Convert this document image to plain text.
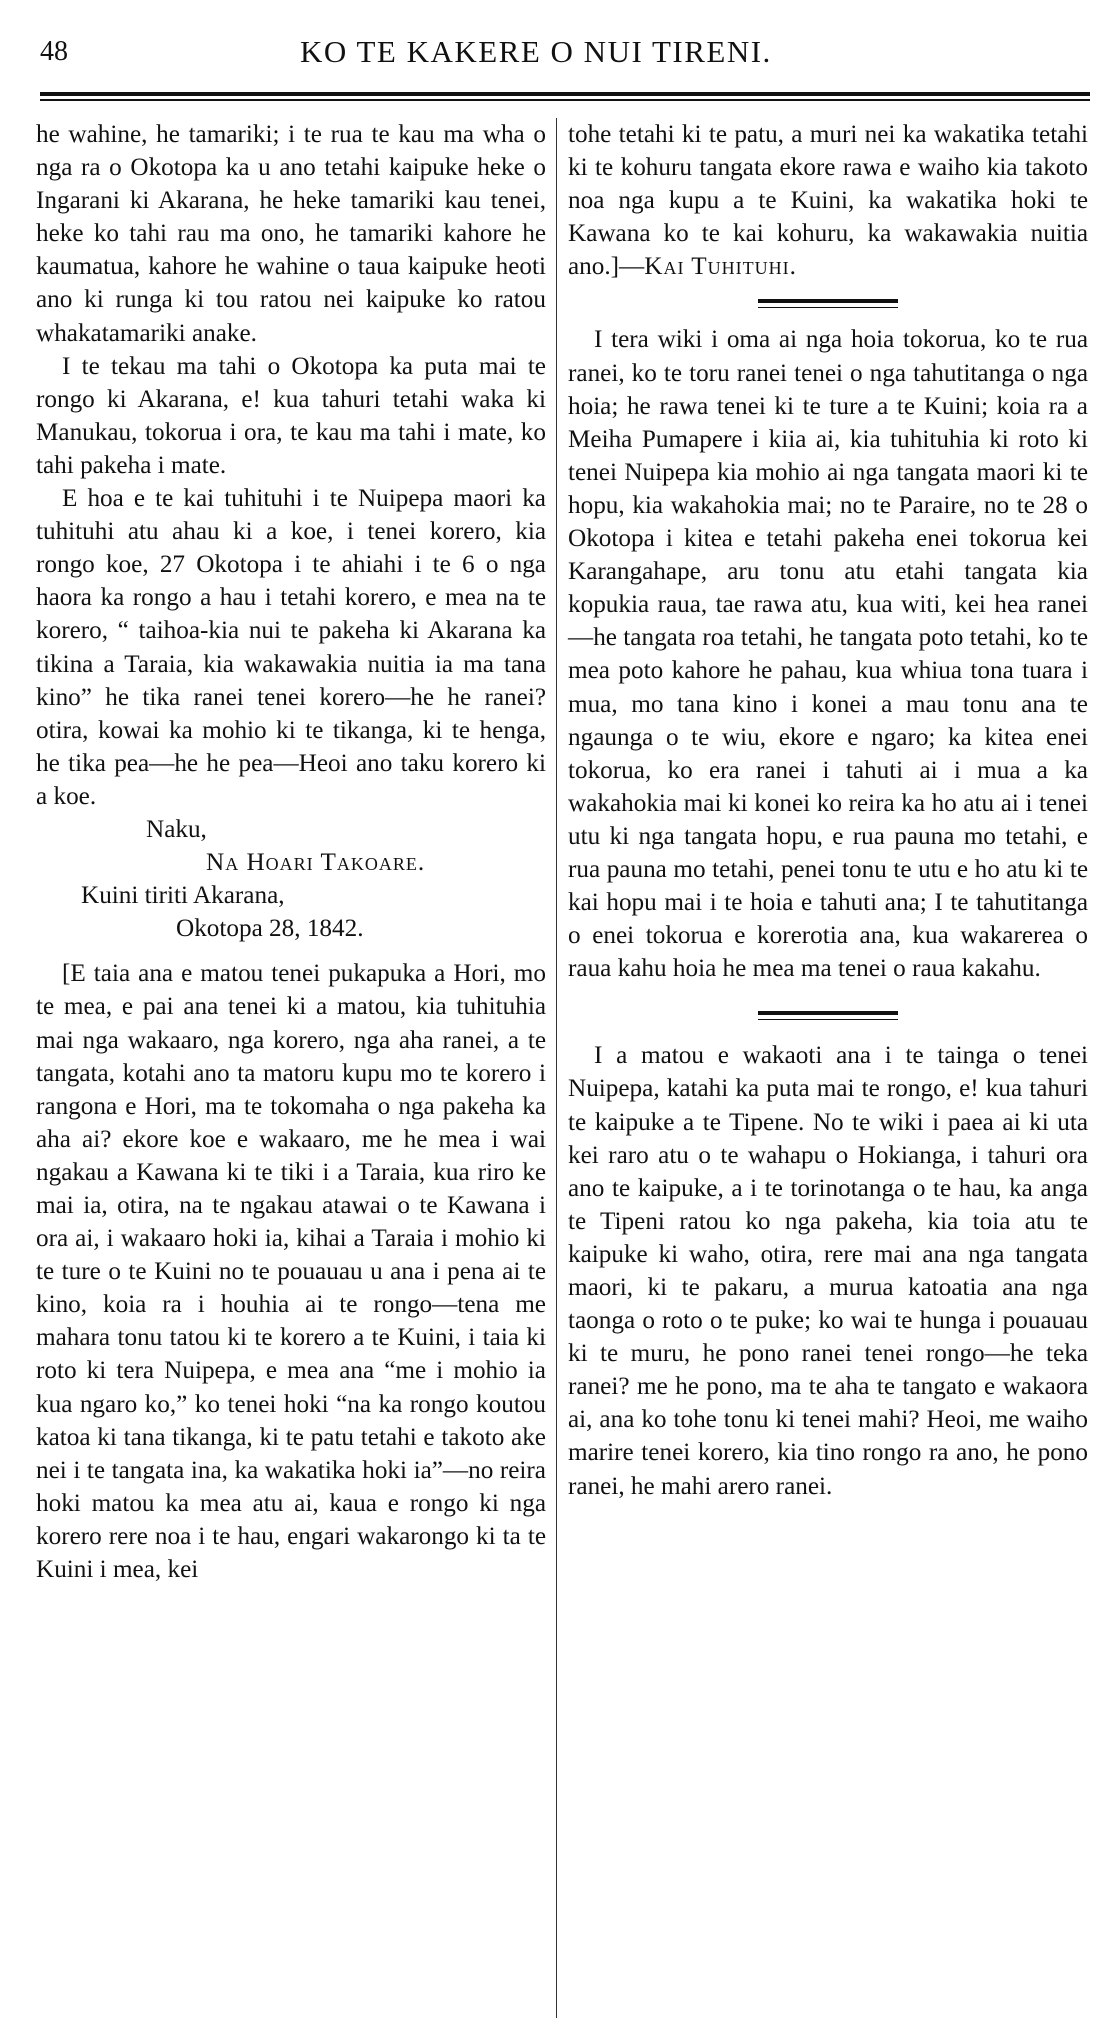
48	KO TE KAKERE O NUI TIRENI.

he wahine, he tamariki; i te rua te kau ma wha o nga ra o Okotopa ka u ano tetahi kaipuke heke o Ingarani ki Akarana, he heke tamariki kau tenei, heke ko tahi rau ma ono, he tamariki kahore he kaumatua, kahore he wahine o taua kaipuke heoti ano ki runga ki tou ratou nei kaipuke ko ratou whakatamariki anake.

I te tekau ma tahi o Okotopa ka puta mai te rongo ki Akarana, e! kua tahuri tetahi waka ki Manukau, tokorua i ora, te kau ma tahi i mate, ko tahi pakeha i mate.

E hoa e te kai tuhituhi i te Nuipepa maori ka tuhituhi atu ahau ki a koe, i tenei korero, kia rongo koe, 27 Okotopa i te ahiahi i te 6 o nga haora ka rongo a hau i tetahi korero, e mea na te korero, “ taihoa-kia nui te pakeha ki Akarana ka tikina a Taraia, kia wakawakia nuitia ia ma tana kino” he tika ranei tenei korero—he he ranei? otira, kowai ka mohio ki te tikanga, ki te henga, he tika pea—he he pea—Heoi ano taku korero ki a koe.

Naku,
Na Hoari Takoare.
Kuini tiriti Akarana,
Okotopa 28, 1842.

[E taia ana e matou tenei pukapuka a Hori, mo te mea, e pai ana tenei ki a matou, kia tuhituhia mai nga wakaaro, nga korero, nga aha ranei, a te tangata, kotahi ano ta matoru kupu mo te korero i rangona e Hori, ma te tokomaha o nga pakeha ka aha ai? ekore koe e wakaaro, me he mea i wai ngakau a Kawana ki te tiki i a Taraia, kua riro ke mai ia, otira, na te ngakau atawai o te Kawana i ora ai, i wakaaro hoki ia, kihai a Taraia i mohio ki te ture o te Kuini no te pouauau u ana i pena ai te kino, koia ra i houhia ai te rongo—tena me mahara tonu tatou ki te korero a te Kuini, i taia ki roto ki tera Nuipepa, e mea ana “me i mohio ia kua ngaro ko,” ko tenei hoki “na ka rongo koutou katoa ki tana tikanga, ki te patu tetahi e takoto ake nei i te tangata ina, ka wakatika hoki ia”—no reira hoki matou ka mea atu ai, kaua e rongo ki nga korero rere noa i te hau, engari wakarongo ki ta te Kuini i mea, kei

tohe tetahi ki te patu, a muri nei ka wakatika tetahi ki te kohuru tangata ekore rawa e waiho kia takoto noa nga kupu a te Kuini, ka wakatika hoki te Kawana ko te kai kohuru, ka wakawakia nuitia ano.]—Kai Tuhituhi.

I tera wiki i oma ai nga hoia tokorua, ko te rua ranei, ko te toru ranei tenei o nga tahutitanga o nga hoia; he rawa tenei ki te ture a te Kuini; koia ra a Meiha Pumapere i kiia ai, kia tuhituhia ki roto ki tenei Nuipepa kia mohio ai nga tangata maori ki te hopu, kia wakahokia mai; no te Paraire, no te 28 o Okotopa i kitea e tetahi pakeha enei tokorua kei Karangahape, aru tonu atu etahi tangata kia kopukia raua, tae rawa atu, kua witi, kei hea ranei—he tangata roa tetahi, he tangata poto tetahi, ko te mea poto kahore he pahau, kua whiua tona tuara i mua, mo tana kino i konei a mau tonu ana te ngaunga o te wiu, ekore e ngaro; ka kitea enei tokorua, ko era ranei i tahuti ai i mua a ka wakahokia mai ki konei ko reira ka ho atu ai i tenei utu ki nga tangata hopu, e rua pauna mo tetahi, e rua pauna mo tetahi, penei tonu te utu e ho atu ki te kai hopu mai i te hoia e tahuti ana; I te tahutitanga o enei tokorua e korerotia ana, kua wakarerea o raua kahu hoia he mea ma tenei o raua kakahu.

I a matou e wakaoti ana i te tainga o tenei Nuipepa, katahi ka puta mai te rongo, e! kua tahuri te kaipuke a te Tipene. No te wiki i paea ai ki uta kei raro atu o te wahapu o Hokianga, i tahuri ora ano te kaipuke, a i te torinotanga o te hau, ka anga te Tipeni ratou ko nga pakeha, kia toia atu te kaipuke ki waho, otira, rere mai ana nga tangata maori, ki te pakaru, a murua katoatia ana nga taonga o roto o te puke; ko wai te hunga i pouauau ki te muru, he pono ranei tenei rongo—he teka ranei? me he pono, ma te aha te tangato e wakaora ai, ana ko tohe tonu ki tenei mahi? Heoi, me waiho marire tenei korero, kia tino rongo ra ano, he pono ranei, he mahi arero ranei.
